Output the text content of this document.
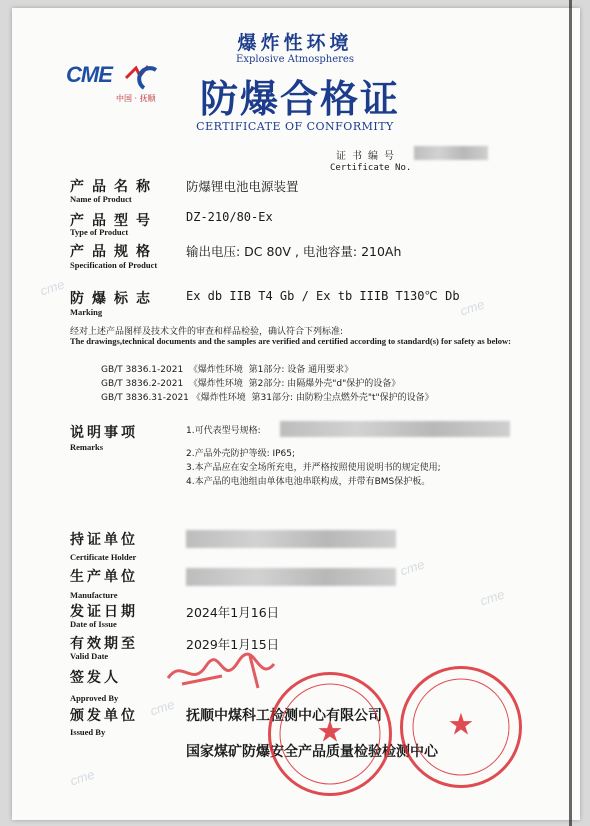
cme
cme
cme
cme
cme
cme
CME
中国 · 抚顺
爆炸性环境
Explosive Atmospheres
防爆合格证
CERTIFICATE OF CONFORMITY
证书编号
Certificate No.
产品名称
Name of Product
防爆锂电池电源装置
产品型号
Type of Product
DZ-210/80-Ex
产品规格
Specification of Product
输出电压: DC 80V , 电池容量: 210Ah
防爆标志
Marking
Ex db IIB T4 Gb / Ex tb IIIB T130℃ Db
经对上述产品图样及技术文件的审查和样品检验，确认符合下列标准:
The drawings,technical documents and the samples are verified and certified according to standard(s) for safety as below:
GB/T 3836.1-2021  《爆炸性环境  第1部分: 设备 通用要求》
GB/T 3836.2-2021  《爆炸性环境  第2部分: 由隔爆外壳"d"保护的设备》
GB/T 3836.31-2021 《爆炸性环境  第31部分: 由防粉尘点燃外壳"t"保护的设备》
说明事项
Remarks
1.可代表型号规格:
2.产品外壳防护等级: IP65;
3.本产品应在安全场所充电，并严格按照使用说明书的规定使用;
4.本产品的电池组由单体电池串联构成，并带有BMS保护板。
持证单位
Certificate Holder
生产单位
Manufacture
发证日期
Date of Issue
2024年1月16日
有效期至
Valid Date
2029年1月15日
签发人
Approved By
颁发单位
Issued By
抚顺中煤科工检测中心有限公司
国家煤矿防爆安全产品质量检验检测中心
★	★
